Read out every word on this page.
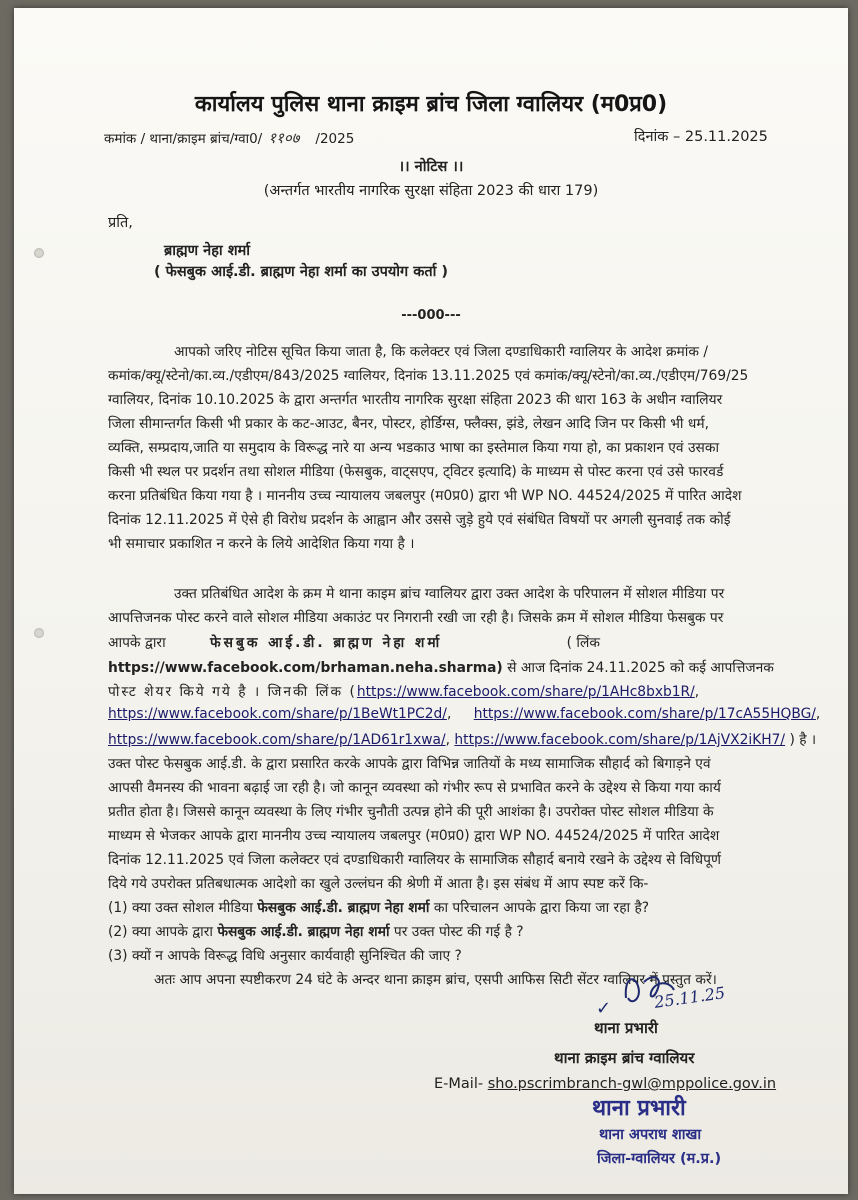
कार्यालय पुलिस थाना क्राइम ब्रांच जिला ग्वालियर (म0प्र0)
कमांक / थाना/क्राइम ब्रांच/ग्वा0/ ११०७ /2025	दिनांक – 25.11.2025
।। नोटिस ।।
(अन्तर्गत भारतीय नागरिक सुरक्षा संहिता 2023 की धारा 179)
प्रति,
ब्राह्मण नेहा शर्मा
( फेसबुक आई.डी. ब्राह्मण नेहा शर्मा का उपयोग कर्ता )
---000---
आपको जरिए नोटिस सूचित किया जाता है, कि कलेक्टर एवं जिला दण्डाधिकारी ग्वालियर के आदेश क्रमांक /
कमांक/क्यू/स्टेनो/का.व्य./एडीएम/843/2025 ग्वालियर, दिनांक 13.11.2025 एवं कमांक/क्यू/स्टेनो/का.व्य./एडीएम/769/25
ग्वालियर, दिनांक 10.10.2025 के द्वारा अन्तर्गत भारतीय नागरिक सुरक्षा संहिता 2023 की धारा 163 के अधीन ग्वालियर
जिला सीमान्तर्गत किसी भी प्रकार के कट-आउट, बैनर, पोस्टर, होर्डिग्स, फ्लैक्स, झंडे, लेखन आदि जिन पर किसी भी धर्म,
व्यक्ति, सम्प्रदाय,जाति या समुदाय के विरूद्ध नारे या अन्य भडकाउ भाषा का इस्तेमाल किया गया हो, का प्रकाशन एवं उसका
किसी भी स्थल पर प्रदर्शन तथा सोशल मीडिया (फेसबुक, वाट्सएप, ट्विटर इत्यादि) के माध्यम से पोस्ट करना एवं उसे फारवर्ड
करना प्रतिबंधित किया गया है । माननीय उच्च न्यायालय जबलपुर (म0प्र0) द्वारा भी WP NO. 44524/2025 में पारित आदेश
दिनांक 12.11.2025 में ऐसे ही विरोध प्रदर्शन के आह्वान और उससे जुड़े हुये एवं संबंधित विषयों पर अगली सुनवाई तक कोई
भी समाचार प्रकाशित न करने के लिये आदेशित किया गया है ।
उक्त प्रतिबंधित आदेश के क्रम मे थाना काइम ब्रांच ग्वालियर द्वारा उक्त आदेश के परिपालन में सोशल मीडिया पर
आपत्तिजनक पोस्ट करने वाले सोशल मीडिया अकाउंट पर निगरानी रखी जा रही है। जिसके क्रम में सोशल मीडिया फेसबुक पर
आपके द्वारा	फेसबुक आई.डी. ब्राह्मण नेहा शर्मा	( लिंक
https://www.facebook.com/brhaman.neha.sharma) से आज दिनांक 24.11.2025 को कई आपत्तिजनक
पोस्ट शेयर किये गये है । जिनकी लिंक (https://www.facebook.com/share/p/1AHc8bxb1R/,
https://www.facebook.com/share/p/1BeWt1PC2d/, https://www.facebook.com/share/p/17cA55HQBG/,
https://www.facebook.com/share/p/1AD61r1xwa/, https://www.facebook.com/share/p/1AjVX2iKH7/ ) है ।
उक्त पोस्ट फेसबुक आई.डी. के द्वारा प्रसारित करके आपके द्वारा विभिन्न जातियों के मध्य सामाजिक सौहार्द को बिगाड़ने एवं
आपसी वैमनस्य की भावना बढ़ाई जा रही है। जो कानून व्यवस्था को गंभीर रूप से प्रभावित करने के उद्देश्य से किया गया कार्य
प्रतीत होता है। जिससे कानून व्यवस्था के लिए गंभीर चुनौती उत्पन्न होने की पूरी आशंका है। उपरोक्त पोस्ट सोशल मीडिया के
माध्यम से भेजकर आपके द्वारा माननीय उच्च न्यायालय जबलपुर (म0प्र0) द्वारा WP NO. 44524/2025 में पारित आदेश
दिनांक 12.11.2025 एवं जिला कलेक्टर एवं दण्डाधिकारी ग्वालियर के सामाजिक सौहार्द बनाये रखने के उद्देश्य से विधिपूर्ण
दिये गये उपरोक्त प्रतिबधात्मक आदेशो का खुले उल्लंघन की श्रेणी में आता है। इस संबंध में आप स्पष्ट करें कि-
(1) क्या उक्त सोशल मीडिया फेसबुक आई.डी. ब्राह्मण नेहा शर्मा का परिचालन आपके द्वारा किया जा रहा है?
(2) क्या आपके द्वारा फेसबुक आई.डी. ब्राह्मण नेहा शर्मा पर उक्त पोस्ट की गई है ?
(3) क्यों न आपके विरूद्ध विधि अनुसार कार्यवाही सुनिश्चित की जाए ?
अतः आप अपना स्पष्टीकरण 24 घंटे के अन्दर थाना क्राइम ब्रांच, एसपी आफिस सिटी सेंटर ग्वालियर में प्रस्तुत करें।
25.11.25
✓
थाना प्रभारी
थाना क्राइम ब्रांच ग्वालियर
E-Mail- sho.pscrimbranch-gwl@mppolice.gov.in
थाना प्रभारी
थाना अपराध शाखा
जिला-ग्वालियर (म.प्र.)
